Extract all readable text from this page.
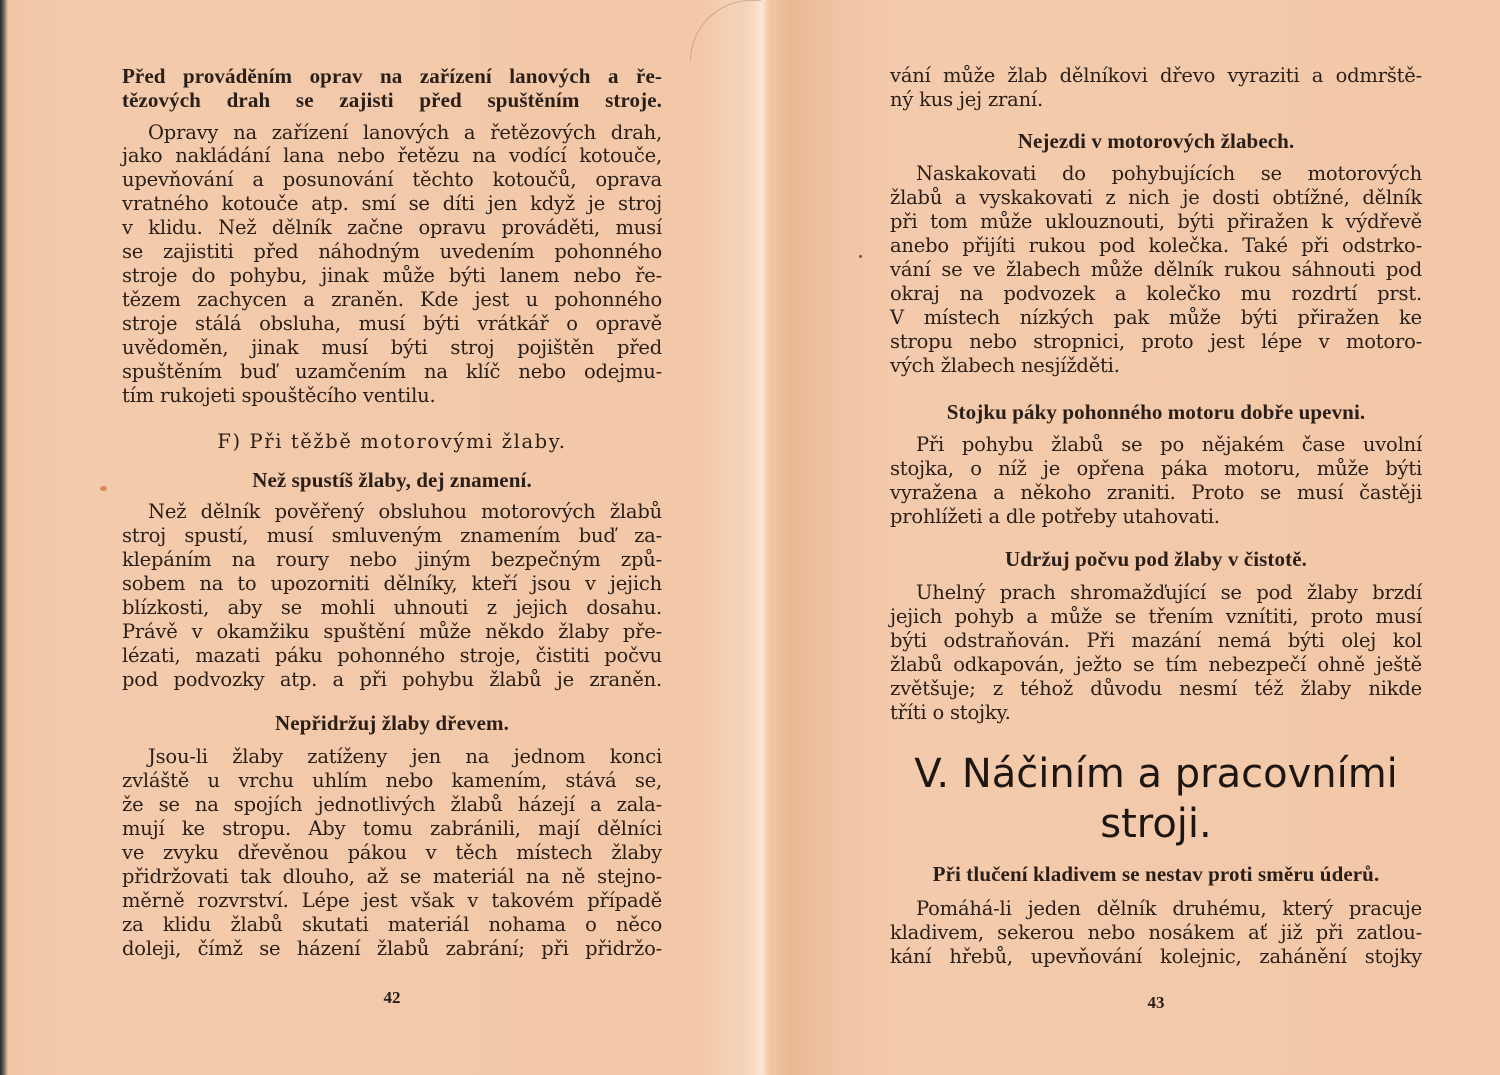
Před prováděním oprav na zařízení lanových a ře-
tězových drah se zajisti před spuštěním stroje.
Opravy na zařízení lanových a řetězových drah,
jako nakládání lana nebo řetězu na vodící kotouče,
upevňování a posunování těchto kotoučů, oprava
vratného kotouče atp. smí se díti jen když je stroj
v klidu. Než dělník začne opravu prováděti, musí
se zajistiti před náhodným uvedením pohonného
stroje do pohybu, jinak může býti lanem nebo ře-
tězem zachycen a zraněn. Kde jest u pohonného
stroje stálá obsluha, musí býti vrátkář o opravě
uvědoměn, jinak musí býti stroj pojištěn před
spuštěním buď uzamčením na klíč nebo odejmu-
tím rukojeti spouštěcího ventilu.
F) Při těžbě motorovými žlaby.
Než spustíš žlaby, dej znamení.
Než dělník pověřený obsluhou motorových žlabů
stroj spustí, musí smluveným znamením buď za-
klepáním na roury nebo jiným bezpečným způ-
sobem na to upozorniti dělníky, kteří jsou v jejich
blízkosti, aby se mohli uhnouti z jejich dosahu.
Právě v okamžiku spuštění může někdo žlaby pře-
lézati, mazati páku pohonného stroje, čistiti počvu
pod podvozky atp. a při pohybu žlabů je zraněn.
Nepřidržuj žlaby dřevem.
Jsou-li žlaby zatíženy jen na jednom konci
zvláště u vrchu uhlím nebo kamením, stává se,
že se na spojích jednotlivých žlabů házejí a zala-
mují ke stropu. Aby tomu zabránili, mají dělníci
ve zvyku dřevěnou pákou v těch místech žlaby
přidržovati tak dlouho, až se materiál na ně stejno-
měrně rozvrství. Lépe jest však v takovém případě
za klidu žlabů skutati materiál nohama o něco
doleji, čímž se házení žlabů zabrání; při přidržo-
42
vání může žlab dělníkovi dřevo vyraziti a odmrště-
ný kus jej zraní.
Nejezdi v motorových žlabech.
Naskakovati do pohybujících se motorových
žlabů a vyskakovati z nich je dosti obtížné, dělník
při tom může uklouznouti, býti přiražen k výdřevě
anebo přijíti rukou pod kolečka. Také při odstrko-
vání se ve žlabech může dělník rukou sáhnouti pod
okraj na podvozek a kolečko mu rozdrtí prst.
V místech nízkých pak může býti přiražen ke
stropu nebo stropnici, proto jest lépe v motoro-
vých žlabech nesjížděti.
Stojku páky pohonného motoru dobře upevni.
Při pohybu žlabů se po nějakém čase uvolní
stojka, o níž je opřena páka motoru, může býti
vyražena a někoho zraniti. Proto se musí častěji
prohlížeti a dle potřeby utahovati.
Udržuj počvu pod žlaby v čistotě.
Uhelný prach shromažďující se pod žlaby brzdí
jejich pohyb a může se třením vznítiti, proto musí
býti odstraňován. Při mazání nemá býti olej kol
žlabů odkapován, ježto se tím nebezpečí ohně ještě
zvětšuje; z téhož důvodu nesmí též žlaby nikde
tříti o stojky.
V. Náčiním a pracovními
stroji.
Při tlučení kladivem se nestav proti směru úderů.
Pomáhá-li jeden dělník druhému, který pracuje
kladivem, sekerou nebo nosákem ať již při zatlou-
kání hřebů, upevňování kolejnic, zahánění stojky
43
